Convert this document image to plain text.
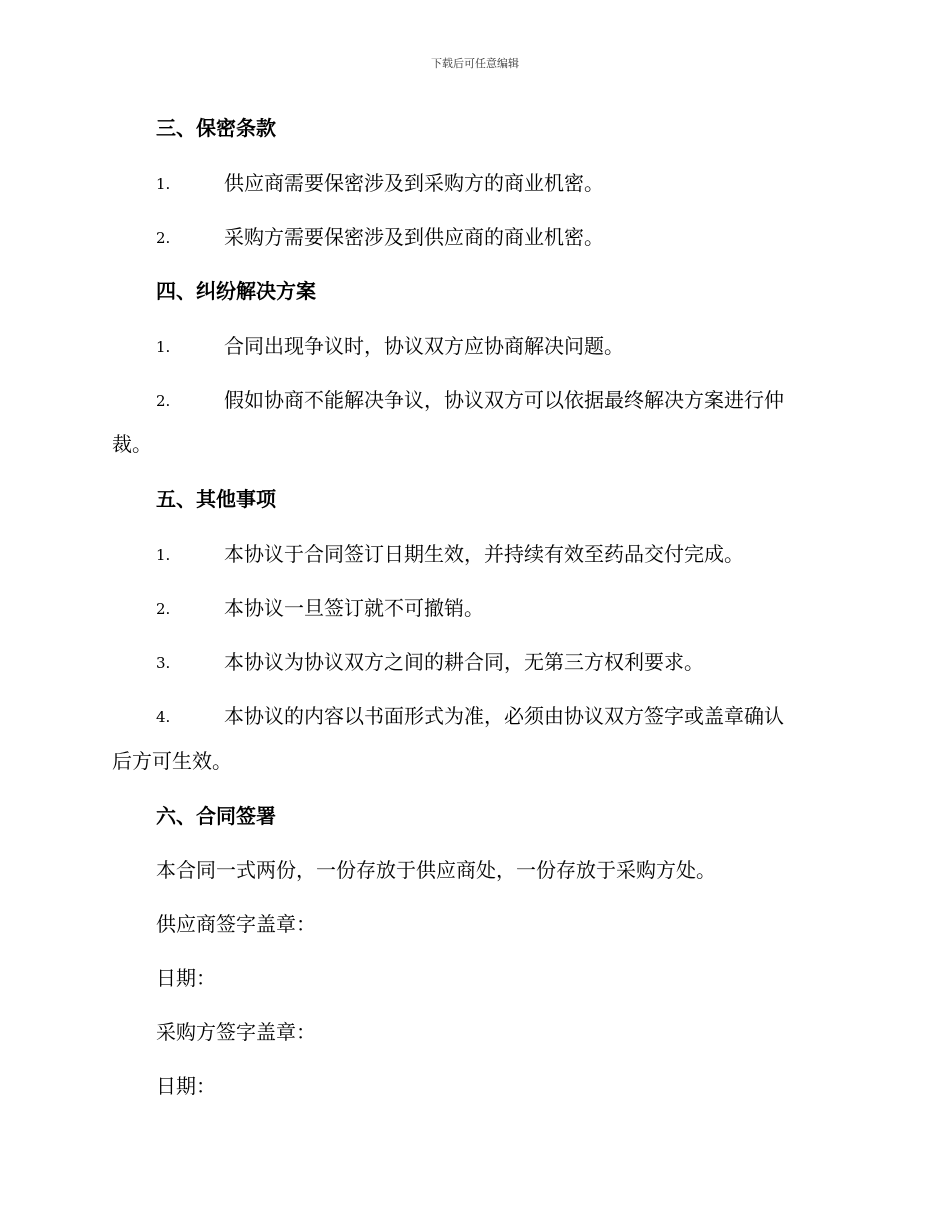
下载后可任意编辑
三、保密条款
1.	供应商需要保密涉及到采购方的商业机密。
2.	采购方需要保密涉及到供应商的商业机密。
四、纠纷解决方案
1.	合同出现争议时，协议双方应协商解决问题。
2.	假如协商不能解决争议，协议双方可以依据最终解决方案进行仲
裁。
五、其他事项
1.	本协议于合同签订日期生效，并持续有效至药品交付完成。
2.	本协议一旦签订就不可撤销。
3.	本协议为协议双方之间的耕合同，无第三方权利要求。
4.	本协议的内容以书面形式为准，必须由协议双方签字或盖章确认
后方可生效。
六、合同签署
本合同一式两份，一份存放于供应商处，一份存放于采购方处。
供应商签字盖章：
日期：
采购方签字盖章：
日期：
